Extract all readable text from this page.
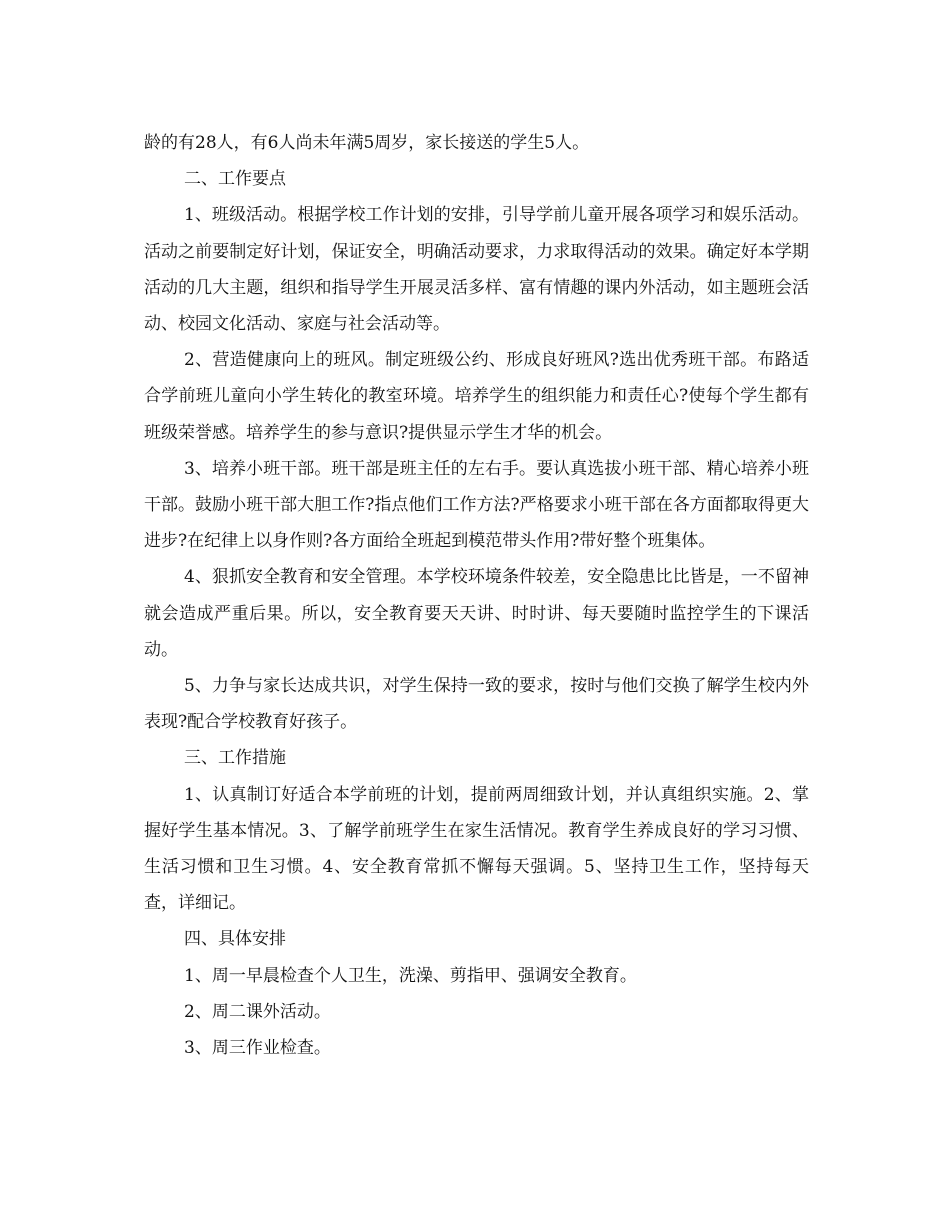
龄的有28人，有6人尚未年满5周岁，家长接送的学生5人。

二、工作要点

1、班级活动。根据学校工作计划的安排，引导学前儿童开展各项学习和娱乐活动。活动之前要制定好计划，保证安全，明确活动要求，力求取得活动的效果。确定好本学期活动的几大主题，组织和指导学生开展灵活多样、富有情趣的课内外活动，如主题班会活动、校园文化活动、家庭与社会活动等。

2、营造健康向上的班风。制定班级公约、形成良好班风?选出优秀班干部。布路适合学前班儿童向小学生转化的教室环境。培养学生的组织能力和责任心?使每个学生都有班级荣誉感。培养学生的参与意识?提供显示学生才华的机会。

3、培养小班干部。班干部是班主任的左右手。要认真选拔小班干部、精心培养小班干部。鼓励小班干部大胆工作?指点他们工作方法?严格要求小班干部在各方面都取得更大进步?在纪律上以身作则?各方面给全班起到模范带头作用?带好整个班集体。

4、狠抓安全教育和安全管理。本学校环境条件较差，安全隐患比比皆是，一不留神就会造成严重后果。所以，安全教育要天天讲、时时讲、每天要随时监控学生的下课活动。

5、力争与家长达成共识，对学生保持一致的要求，按时与他们交换了解学生校内外表现?配合学校教育好孩子。

三、工作措施

1、认真制订好适合本学前班的计划，提前两周细致计划，并认真组织实施。2、掌握好学生基本情况。3、了解学前班学生在家生活情况。教育学生养成良好的学习习惯、生活习惯和卫生习惯。4、安全教育常抓不懈每天强调。5、坚持卫生工作，坚持每天查，详细记。

四、具体安排

1、周一早晨检查个人卫生，洗澡、剪指甲、强调安全教育。

2、周二课外活动。

3、周三作业检查。
